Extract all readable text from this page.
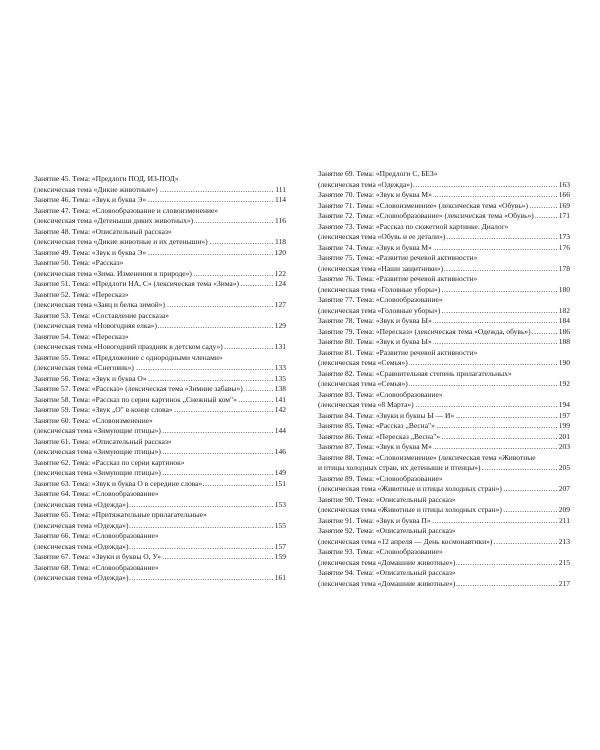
Занятие 45. Тема: «Предлоги ПОД, ИЗ-ПОД»
..... (лексическая тема «Дикие животные»)	111
..... Занятие 46. Тема: «Звук и буква Э»	114
Занятие 47. Тема: «Словообразование и словоизменение»
..... (лексическая тема «Детеныши диких животных»)	116
Занятие 48. Тема: «Описательный рассказ»
..... (лексическая тема «Дикие животные и их детеныши»)	118
..... Занятие 49. Тема: «Звук и буква Э»	120
Занятие 50. Тема: «Рассказ»
..... (лексическая тема «Зима. Изменения в природе»)	122
..... Занятие 51. Тема: «Предлоги НА, С» (лексическая тема «Зима»)	124
Занятие 52. Тема: «Пересказ»
..... (лексическая тема «Заяц и белка зимой»)	127
Занятие 53. Тема: «Составление рассказа»
..... (лексическая тема «Новогодняя елка»)	129
Занятие 54. Тема: «Пересказ»
..... (лексическая тема «Новогодний праздник в детском саду»)	131
Занятие 55. Тема: «Предложение с однородными членами»
..... (лексическая тема «Снеговик»)	133
..... Занятие 56. Тема: «Звук и буква О»	135
..... Занятие 57. Тема: «Рассказ» (лексическая тема «Зимние забавы»)	138
..... Занятие 58. Тема: «Рассказ по серии картинок „Снежный ком"»	141
..... Занятие 59. Тема: «Звук „О" в конце слова»	142
Занятие 60. Тема: «Словоизменение»
..... (лексическая тема «Зимующие птицы»)	144
Занятие 61. Тема: «Описательный рассказ»
..... (лексическая тема «Зимующие птицы»)	146
Занятие 62. Тема: «Рассказ по серии картинок»
..... (лексическая тема «Зимующие птицы»)	149
..... Занятие 63. Тема: «Звук и буква О в середине слова»	151
Занятие 64. Тема: «Словообразование»
..... (лексическая тема «Одежда»)	153
Занятие 65. Тема: «Притяжательные прилагательные»
..... (лексическая тема «Одежда»)	155
Занятие 66. Тема: «Словообразование»
..... (лексическая тема «Одежда»)	157
..... Занятие 67. Тема: «Звуки и буквы О, У»	159
Занятие 68. Тема: «Словообразование»
..... (лексическая тема «Одежда»)	161
Занятие 69. Тема: «Предлоги С, БЕЗ»
..... (лексическая тема «Одежда»)	163
..... Занятие 70. Тема: «Звук и буква М»	166
..... Занятие 71. Тема: «Словоизменение» (лексическая тема «Обувь»)	169
..... Занятие 72. Тема: «Словообразование» (лексическая тема «Обувь»)	171
Занятие 73. Тема: «Рассказ по сюжетной картинке. Диалог»
..... (лексическая тема «Обувь и ее детали»)	173
..... Занятие 74. Тема: «Звук и буква М»	176
Занятие 75. Тема: «Развитие речевой активности»
..... (лексическая тема «Наши защитники»)	178
Занятие 76. Тема: «Развитие речевой активности»
..... (лексическая тема «Головные уборы»)	180
Занятие 77. Тема: «Словообразование»
..... (лексическая тема «Головные уборы»)	182
..... Занятие 78. Тема: «Звук и буква Ы»	184
..... Занятие 79. Тема: «Пересказ» (лексическая тема «Одежда, обувь»)	186
..... Занятие 80. Тема: «Звук и буква Ы»	188
Занятие 81. Тема: «Развитие речевой активности»
..... (лексическая тема «Семья»)	190
Занятие 82. Тема: «Сравнительная степень прилагательных»
..... (лексическая тема «Семья»)	192
Занятие 83. Тема: «Словообразование»
..... (лексическая тема «8 Марта»)	194
..... Занятие 84. Тема: «Звуки и буквы Ы — И»	197
..... Занятие 85. Тема: «Рассказ „Весна"»	199
..... Занятие 86. Тема: «Пересказ „Весна"»	201
..... Занятие 87. Тема: «Звук и буква М»	203
Занятие 88. Тема: «Словоизменение» (лексическая тема «Животные
..... и птицы холодных стран, их детеныши и птенцы»)	205
Занятие 89. Тема: «Словообразование»
..... (лексическая тема «Животные и птицы холодных стран»)	207
Занятие 90. Тема: «Описательный рассказ»
..... (лексическая тема «Животные и птицы холодных стран»)	209
..... Занятие 91. Тема: «Звук и буква П»	211
Занятие 92. Тема: «Описательный рассказ»
..... (лексическая тема «12 апреля — День космонавтики»)	213
Занятие 93. Тема: «Словообразование»
..... (лексическая тема «Домашние животные»)	215
Занятие 94. Тема: «Описательный рассказ»
..... (лексическая тема «Домашние животные»)	217
